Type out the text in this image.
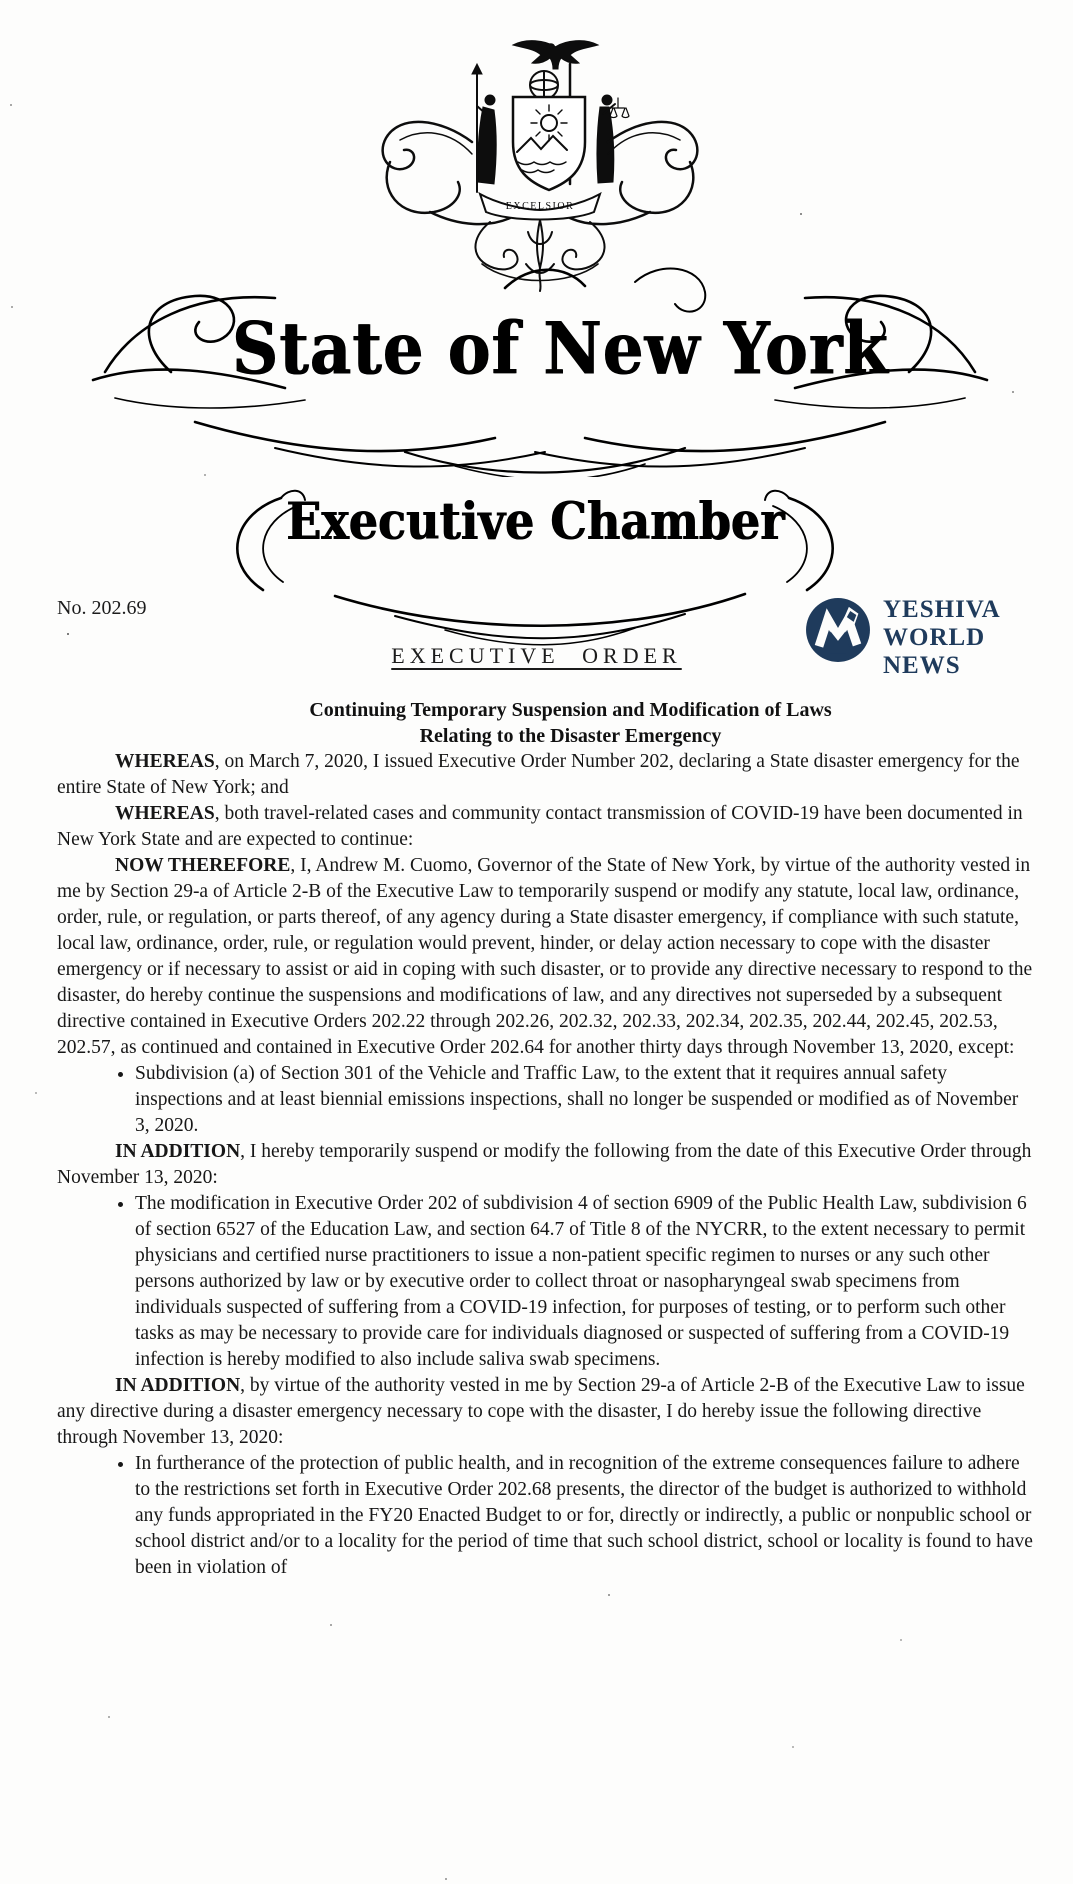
EXCELSIOR
State of New York
Executive Chamber
No. 202.69	YESHIVA
WORLD
NEWS
EXECUTIVE ORDER
Continuing Temporary Suspension and Modification of Laws
Relating to the Disaster Emergency

WHEREAS, on March 7, 2020, I issued Executive Order Number 202, declaring a State disaster emergency for the entire State of New York; and

WHEREAS, both travel-related cases and community contact transmission of COVID-19 have been documented in New York State and are expected to continue:

NOW THEREFORE, I, Andrew M. Cuomo, Governor of the State of New York, by virtue of the authority vested in me by Section 29-a of Article 2-B of the Executive Law to temporarily suspend or modify any statute, local law, ordinance, order, rule, or regulation, or parts thereof, of any agency during a State disaster emergency, if compliance with such statute, local law, ordinance, order, rule, or regulation would prevent, hinder, or delay action necessary to cope with the disaster emergency or if necessary to assist or aid in coping with such disaster, or to provide any directive necessary to respond to the disaster, do hereby continue the suspensions and modifications of law, and any directives not superseded by a subsequent directive contained in Executive Orders 202.22 through 202.26, 202.32, 202.33, 202.34, 202.35, 202.44, 202.45, 202.53, 202.57, as continued and contained in Executive Order 202.64 for another thirty days through November 13, 2020, except:

• Subdivision (a) of Section 301 of the Vehicle and Traffic Law, to the extent that it requires annual safety inspections and at least biennial emissions inspections, shall no longer be suspended or modified as of November 3, 2020.

IN ADDITION, I hereby temporarily suspend or modify the following from the date of this Executive Order through November 13, 2020:

• The modification in Executive Order 202 of subdivision 4 of section 6909 of the Public Health Law, subdivision 6 of section 6527 of the Education Law, and section 64.7 of Title 8 of the NYCRR, to the extent necessary to permit physicians and certified nurse practitioners to issue a non-patient specific regimen to nurses or any such other persons authorized by law or by executive order to collect throat or nasopharyngeal swab specimens from individuals suspected of suffering from a COVID-19 infection, for purposes of testing, or to perform such other tasks as may be necessary to provide care for individuals diagnosed or suspected of suffering from a COVID-19 infection is hereby modified to also include saliva swab specimens.

IN ADDITION, by virtue of the authority vested in me by Section 29-a of Article 2-B of the Executive Law to issue any directive during a disaster emergency necessary to cope with the disaster, I do hereby issue the following directive through November 13, 2020:

• In furtherance of the protection of public health, and in recognition of the extreme consequences failure to adhere to the restrictions set forth in Executive Order 202.68 presents, the director of the budget is authorized to withhold any funds appropriated in the FY20 Enacted Budget to or for, directly or indirectly, a public or nonpublic school or school district and/or to a locality for the period of time that such school district, school or locality is found to have been in violation of
